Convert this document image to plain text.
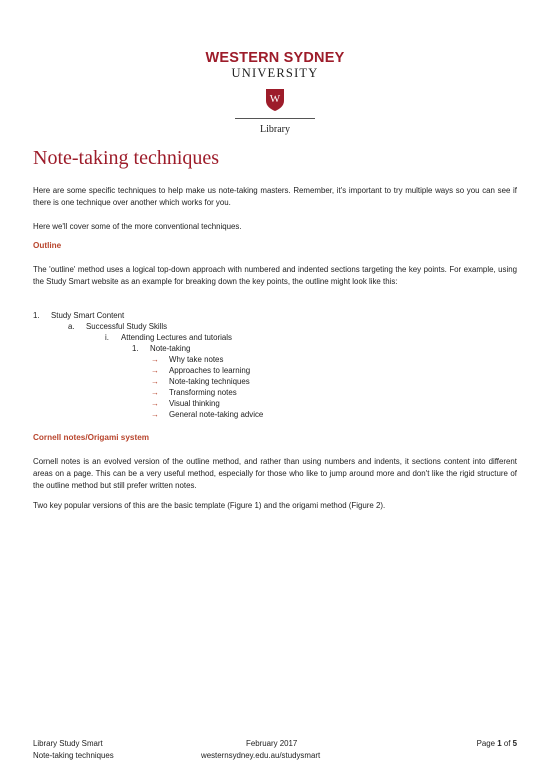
WESTERN SYDNEY
UNIVERSITY
W
Library
Note-taking techniques

Here are some specific techniques to help make us note-taking masters. Remember, it's important to try multiple ways so you can see if there is one technique over another which works for you.

Here we'll cover some of the more conventional techniques.

Outline

The 'outline' method uses a logical top-down approach with numbered and indented sections targeting the key points. For example, using the Study Smart website as an example for breaking down the key points, the outline might look like this:

1. Study Smart Content
a. Successful Study Skills
i. Attending Lectures and tutorials
1. Note-taking
→ Why take notes
→ Approaches to learning
→ Note-taking techniques
→ Transforming notes
→ Visual thinking
→ General note-taking advice

Cornell notes/Origami system

Cornell notes is an evolved version of the outline method, and rather than using numbers and indents, it sections content into different areas on a page. This can be a very useful method, especially for those who like to jump around more and don't like the rigid structure of the outline method but still prefer written notes.

Two key popular versions of this are the basic template (Figure 1) and the origami method (Figure 2).

Library Study Smart
Note-taking techniques
February 2017
westernsydney.edu.au/studysmart
Page 1 of 5
